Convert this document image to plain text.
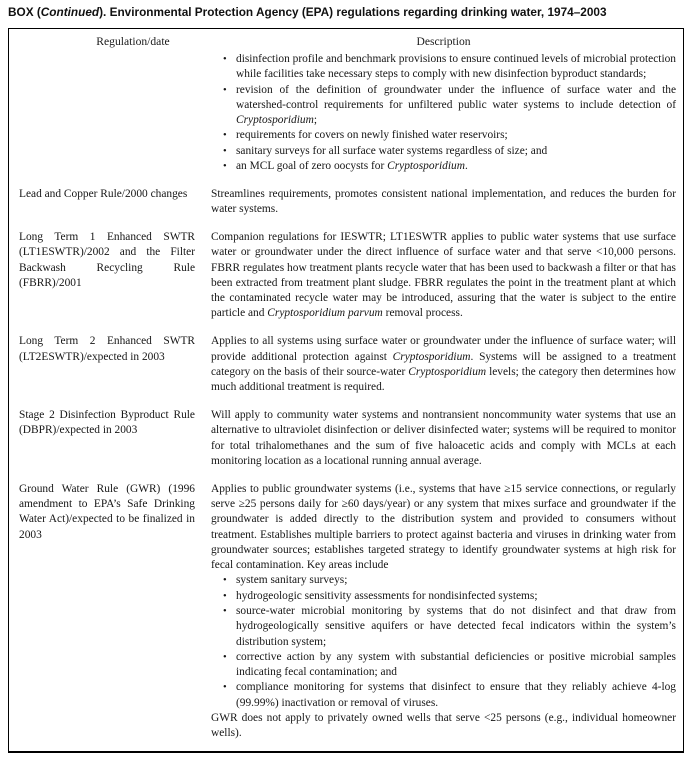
BOX (Continued). Environmental Protection Agency (EPA) regulations regarding drinking water, 1974–2003
Regulation/date	Description
• disinfection profile and benchmark provisions to ensure continued levels of microbial protection while facilities take necessary steps to comply with new disinfection byproduct standards;
• revision of the definition of groundwater under the influence of surface water and the watershed-control requirements for unfiltered public water systems to include detection of Cryptosporidium;
• requirements for covers on newly finished water reservoirs;
• sanitary surveys for all surface water systems regardless of size; and
• an MCL goal of zero oocysts for Cryptosporidium.
Lead and Copper Rule/2000 changes	Streamlines requirements, promotes consistent national implementation, and reduces the burden for water systems.
Long Term 1 Enhanced SWTR (LT1ESWTR)/2002 and the Filter Backwash Recycling Rule (FBRR)/2001
Companion regulations for IESWTR; LT1ESWTR applies to public water systems that use surface water or groundwater under the direct influence of surface water and that serve <10,000 persons. FBRR regulates how treatment plants recycle water that has been used to backwash a filter or that has been extracted from treatment plant sludge. FBRR regulates the point in the treatment plant at which the contaminated recycle water may be introduced, assuring that the water is subject to the entire particle and Cryptosporidium parvum removal process.
Long Term 2 Enhanced SWTR (LT2ESWTR)/expected in 2003
Applies to all systems using surface water or groundwater under the influence of surface water; will provide additional protection against Cryptosporidium. Systems will be assigned to a treatment category on the basis of their source-water Cryptosporidium levels; the category then determines how much additional treatment is required.
Stage 2 Disinfection Byproduct Rule (DBPR)/expected in 2003
Will apply to community water systems and nontransient noncommunity water systems that use an alternative to ultraviolet disinfection or deliver disinfected water; systems will be required to monitor for total trihalomethanes and the sum of five haloacetic acids and comply with MCLs at each monitoring location as a locational running annual average.
Ground Water Rule (GWR) (1996 amendment to EPA’s Safe Drinking Water Act)/expected to be finalized in 2003
Applies to public groundwater systems (i.e., systems that have ≥15 service connections, or regularly serve ≥25 persons daily for ≥60 days/year) or any system that mixes surface and groundwater if the groundwater is added directly to the distribution system and provided to consumers without treatment. Establishes multiple barriers to protect against bacteria and viruses in drinking water from groundwater sources; establishes targeted strategy to identify groundwater systems at high risk for fecal contamination. Key areas include
• system sanitary surveys;
• hydrogeologic sensitivity assessments for nondisinfected systems;
• source-water microbial monitoring by systems that do not disinfect and that draw from hydrogeologically sensitive aquifers or have detected fecal indicators within the system’s distribution system;
• corrective action by any system with substantial deficiencies or positive microbial samples indicating fecal contamination; and
• compliance monitoring for systems that disinfect to ensure that they reliably achieve 4-log (99.99%) inactivation or removal of viruses.
GWR does not apply to privately owned wells that serve <25 persons (e.g., individual homeowner wells).
